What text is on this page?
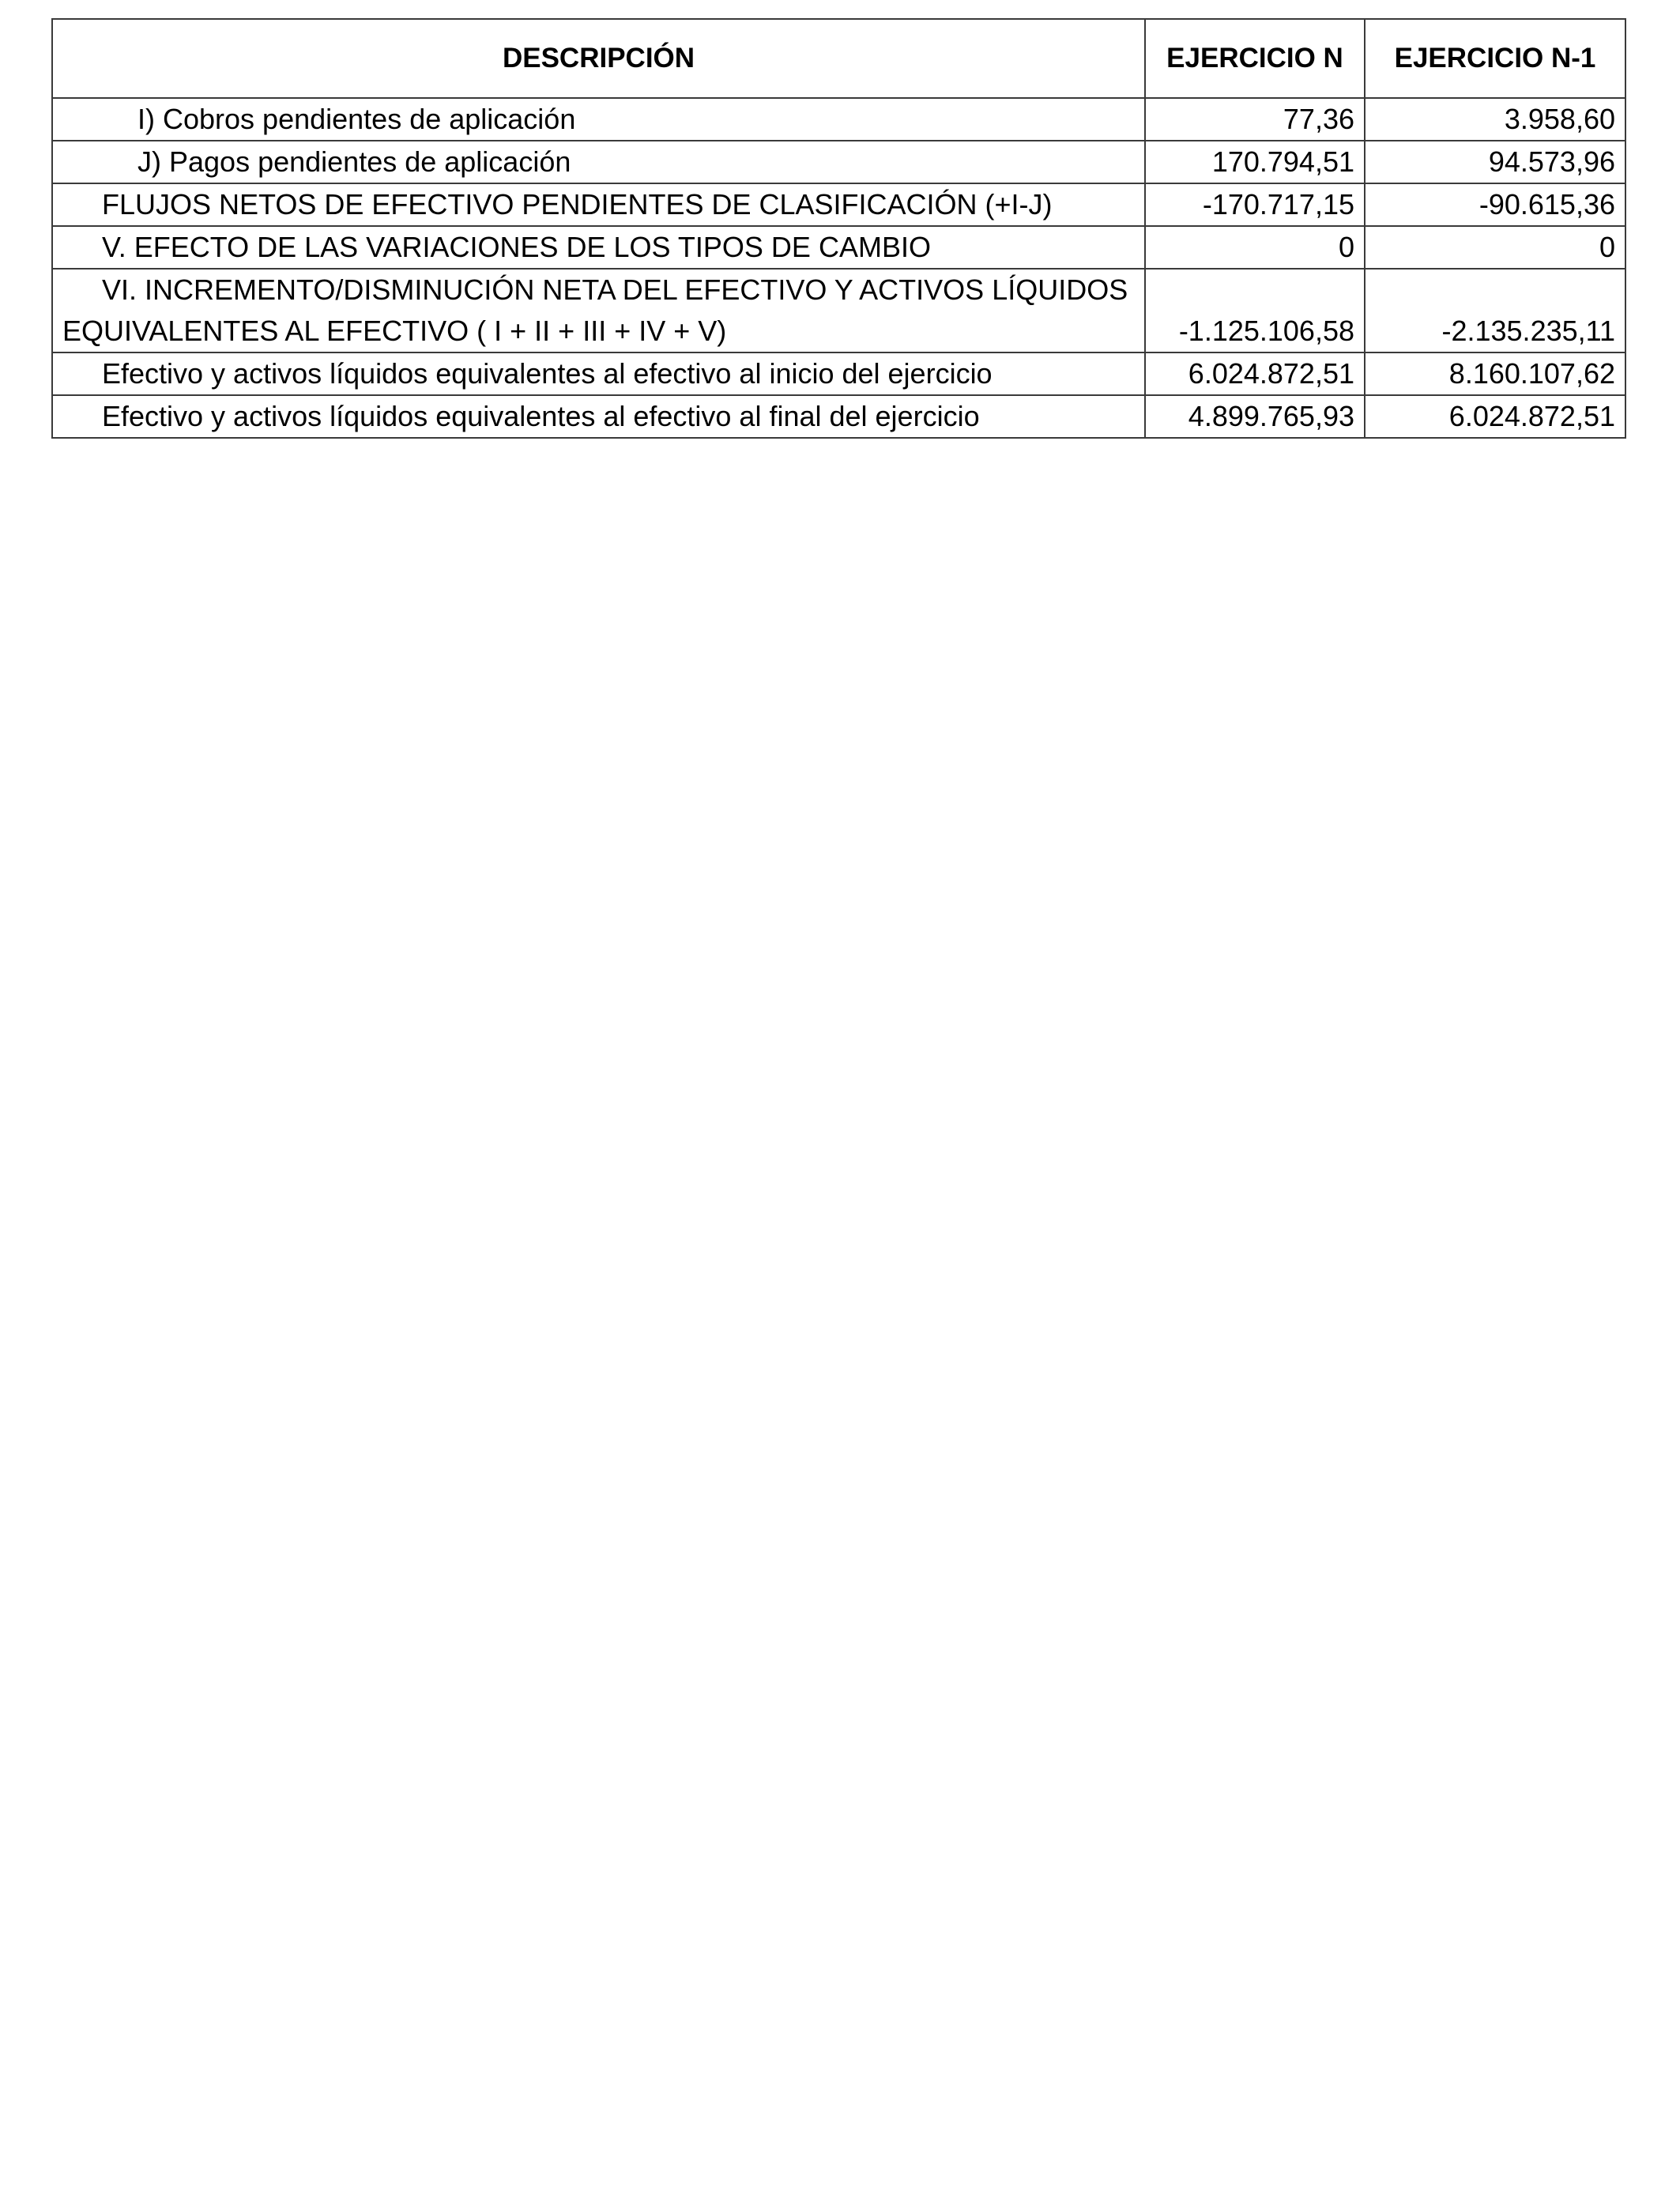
DESCRIPCIÓN	EJERCICIO N	EJERCICIO N-1
I) Cobros pendientes de aplicación	77,36	3.958,60
J) Pagos pendientes de aplicación	170.794,51	94.573,96
FLUJOS NETOS DE EFECTIVO PENDIENTES DE CLASIFICACIÓN (+I-J)	-170.717,15	-90.615,36
V. EFECTO DE LAS VARIACIONES DE LOS TIPOS DE CAMBIO	0	0

VI. INCREMENTO/DISMINUCIÓN NETA DEL EFECTIVO Y ACTIVOS LÍQUIDOS
EQUIVALENTES AL EFECTIVO ( I + II + III + IV + V)	-1.125.106,58	-2.135.235,11
Efectivo y activos líquidos equivalentes al efectivo al inicio del ejercicio	6.024.872,51	8.160.107,62
Efectivo y activos líquidos equivalentes al efectivo al final del ejercicio	4.899.765,93	6.024.872,51
